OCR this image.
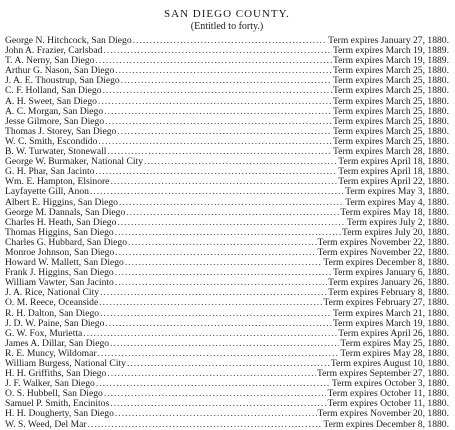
SAN DIEGO COUNTY.
(Entitled to forty.)
George N. Hitchcock, San Diego .....	Term expires January 27, 1880.
John A. Frazier, Carlsbad .....	Term expires March 19, 1889.
T. A. Nerny, San Diego .....	Term expires March 19, 1889.
Arthur G. Nason, San Diego .....	Term expires March 25, 1880.
J. A. E. Thoustrup, San Diego .....	Term expires March 25, 1880.
C. F. Holland, San Diego .....	Term expires March 25, 1880.
A. H. Sweet, San Diego .....	Term expires March 25, 1880.
A. C. Morgan, San Diego .....	Term expires March 25, 1880.
Jesse Gilmore, San Diego .....	Term expires March 25, 1880.
Thomas J. Storey, San Diego .....	Term expires March 25, 1880.
W. C. Smith, Escondido .....	Term expires March 25, 1880.
B. W. Turwater, Stonewall .....	Term expires March 28, 1880.
George W. Burmaker, National City .....	Term expires April 18, 1880.
G. H. Phar, San Jacinto .....	Term expires April 18, 1880.
Wm. E. Hampton, Elsinore .....	Term expires April 22, 1880.
Layfayette Gill, Anon .....	Term expires May 3, 1880.
Albert E. Higgins, San Diego .....	Term expires May 4, 1880.
George M. Dannals, San Diego .....	Term expires May 18, 1880.
Charles H. Heath, San Diego .....	Term expires July 2, 1880.
Thomas Higgins, San Diego .....	Term expires July 20, 1880.
Charles G. Hubbard, San Diego .....	Term expires November 22, 1880.
Monroe Johnson, San Diego .....	Term expires November 22, 1880.
Howard W. Mallett, San Diego .....	Term expires December 8, 1880.
Frank J. Higgins, San Diego .....	Term expires January 6, 1880.
William Vawter, San Jacinto .....	Term expires January 26, 1880.
J. A. Rice, National City .....	Term expires February 8, 1880.
O. M. Reece, Oceanside .....	Term expires February 27, 1880.
R. H. Dalton, San Diego .....	Term expires March 21, 1880.
J. D. W. Paine, San Diego .....	Term expires March 19, 1880.
G. W. Fox, Murietta .....	Term expires April 26, 1880.
James A. Dillar, San Diego .....	Term expires May 25, 1880.
R. E. Muncy, Wildomar .....	Term expires May 28, 1880.
William Burgess, National City .....	Term expires August 10, 1880.
H. H. Griffiths, San Diego .....	Term expires September 27, 1880.
J. F. Walker, San Diego .....	Term expires October 3, 1880.
O. S. Hubbell, San Diego .....	Term expires October 11, 1880.
Samuel P. Smith, Encinitos .....	Term expires October 11, 1880.
H. H. Dougherty, San Diego .....	Term expires November 20, 1880.
W. S. Weed, Del Mar .....	Term expires December 8, 1880.
